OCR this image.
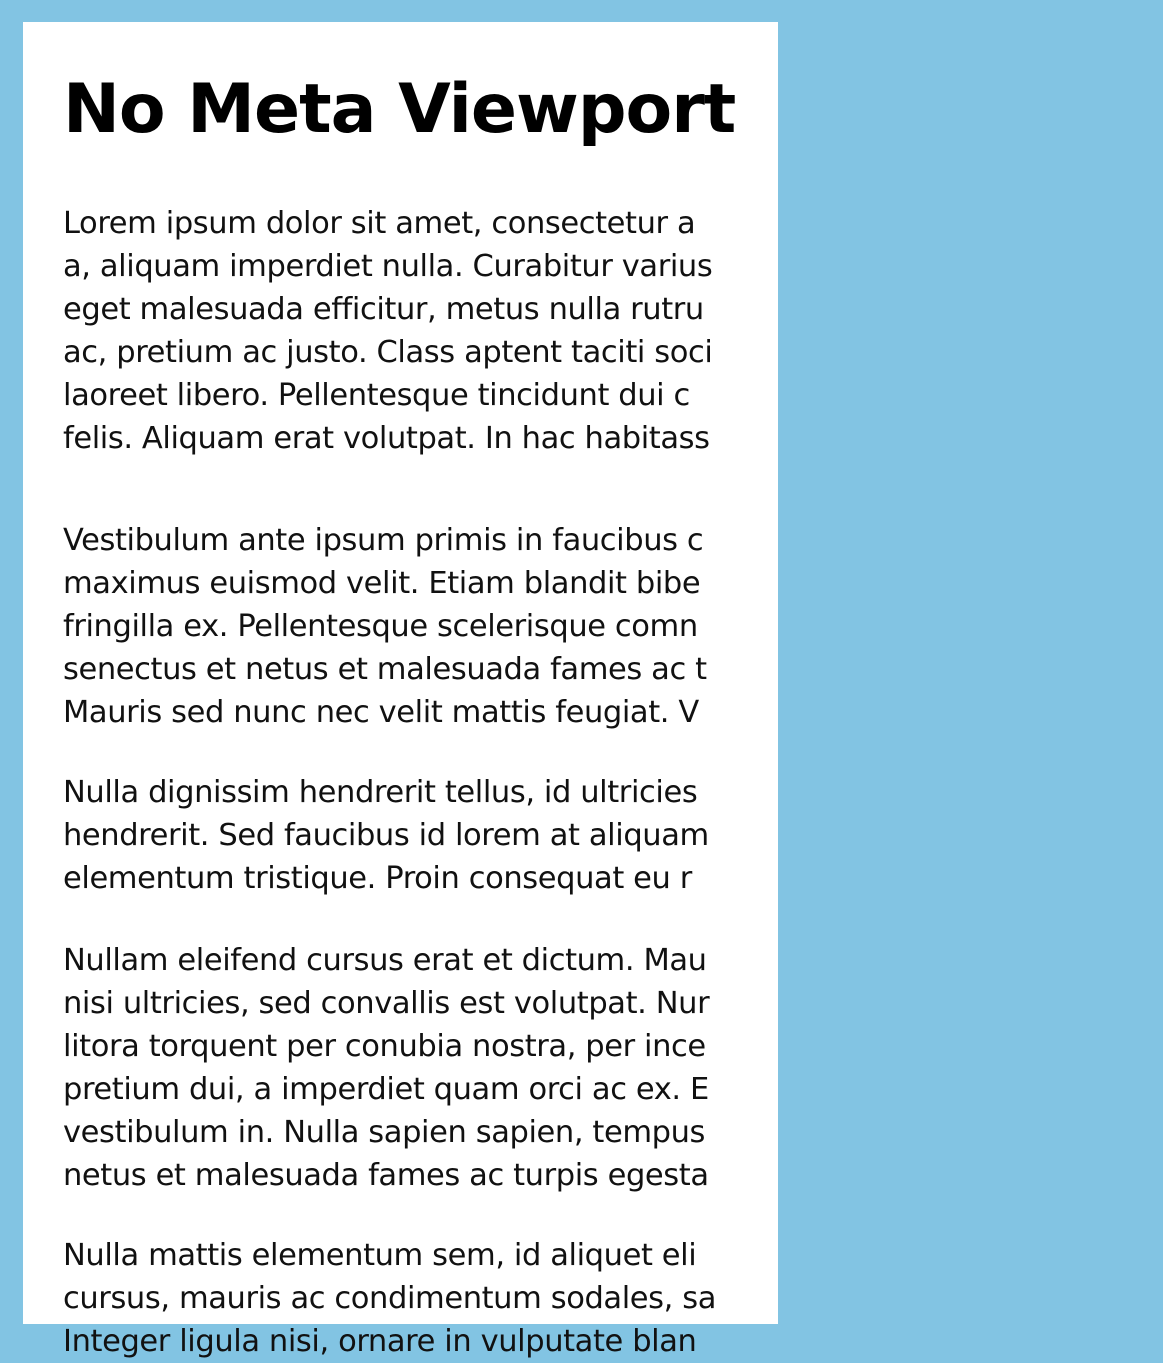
No Meta Viewport

Lorem ipsum dolor sit amet, consectetur a
a, aliquam imperdiet nulla. Curabitur varius
eget malesuada efficitur, metus nulla rutru
ac, pretium ac justo. Class aptent taciti soci
laoreet libero. Pellentesque tincidunt dui c
felis. Aliquam erat volutpat. In hac habitass

Vestibulum ante ipsum primis in faucibus c
maximus euismod velit. Etiam blandit bibe
fringilla ex. Pellentesque scelerisque comn
senectus et netus et malesuada fames ac t
Mauris sed nunc nec velit mattis feugiat. V

Nulla dignissim hendrerit tellus, id ultricies
hendrerit. Sed faucibus id lorem at aliquam
elementum tristique. Proin consequat eu r

Nullam eleifend cursus erat et dictum. Mau
nisi ultricies, sed convallis est volutpat. Nur
litora torquent per conubia nostra, per ince
pretium dui, a imperdiet quam orci ac ex. E
vestibulum in. Nulla sapien sapien, tempus
netus et malesuada fames ac turpis egesta

Nulla mattis elementum sem, id aliquet eli
cursus, mauris ac condimentum sodales, sa
Integer ligula nisi, ornare in vulputate blan
